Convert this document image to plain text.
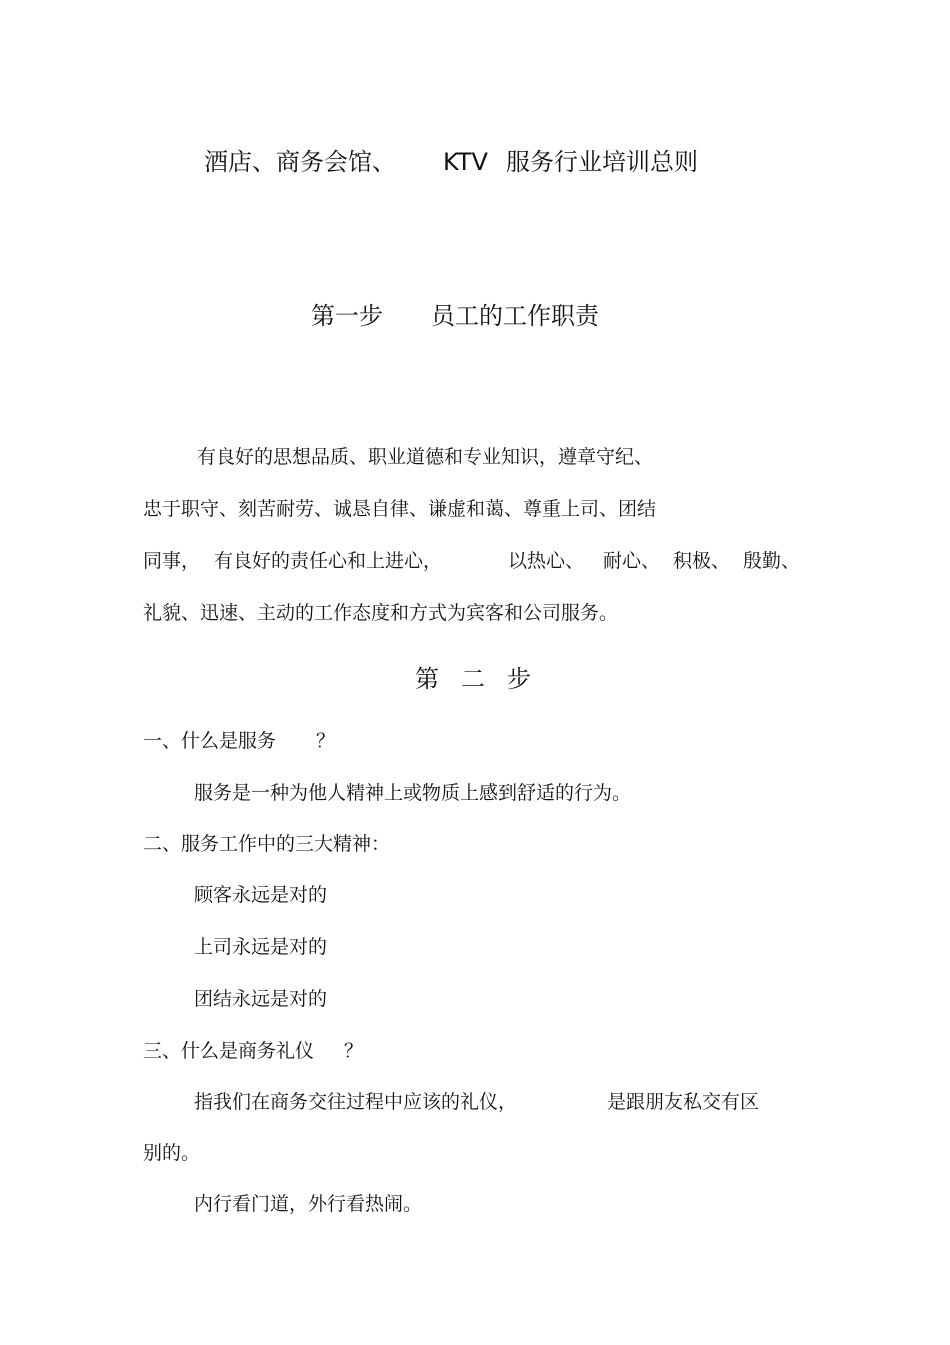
酒店、商务会馆、 KTV 服务行业培训总则
第一步 员工的工作职责
有良好的思想品质、职业道德和专业知识，遵章守纪、
忠于职守、刻苦耐劳、诚恳自律、谦虚和蔼、尊重上司、团结
同事， 有良好的责任心和上进心，	以热心、 耐心、 积极、 殷勤、
礼貌、迅速、主动的工作态度和方式为宾客和公司服务。
第二步
一、什么是服务 ？
服务是一种为他人精神上或物质上感到舒适的行为。
二、服务工作中的三大精神：
顾客永远是对的
上司永远是对的
团结永远是对的
三、什么是商务礼仪 ？
指我们在商务交往过程中应该的礼仪，	是跟朋友私交有区
别的。
内行看门道，外行看热闹。
